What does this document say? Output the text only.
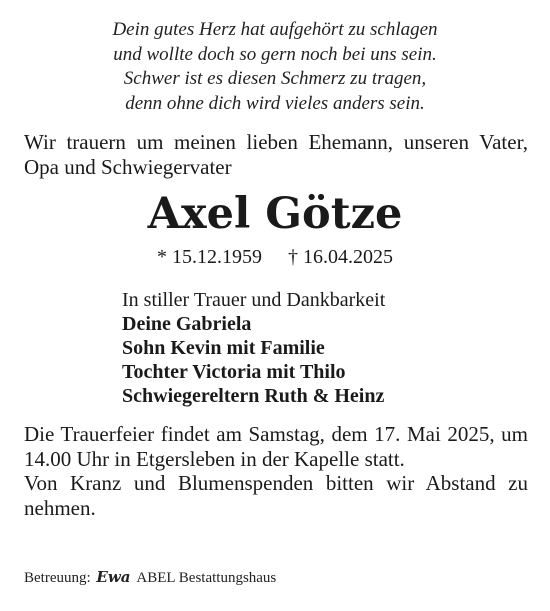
Dein gutes Herz hat aufgehört zu schlagen
und wollte doch so gern noch bei uns sein.
Schwer ist es diesen Schmerz zu tragen,
denn ohne dich wird vieles anders sein.

Wir trauern um meinen lieben Ehemann, unseren Vater, Opa und Schwiegervater

Axel Götze
* 15.12.1959 † 16.04.2025
In stiller Trauer und Dankbarkeit
Deine Gabriela
Sohn Kevin mit Familie
Tochter Victoria mit Thilo
Schwiegereltern Ruth & Heinz

Die Trauerfeier findet am Samstag, dem 17. Mai 2025, um 14.00 Uhr in Etgersleben in der Kapelle statt.

Von Kranz und Blumenspenden bitten wir Abstand zu nehmen.

Betreuung: Ewa ABEL Bestattungshaus
